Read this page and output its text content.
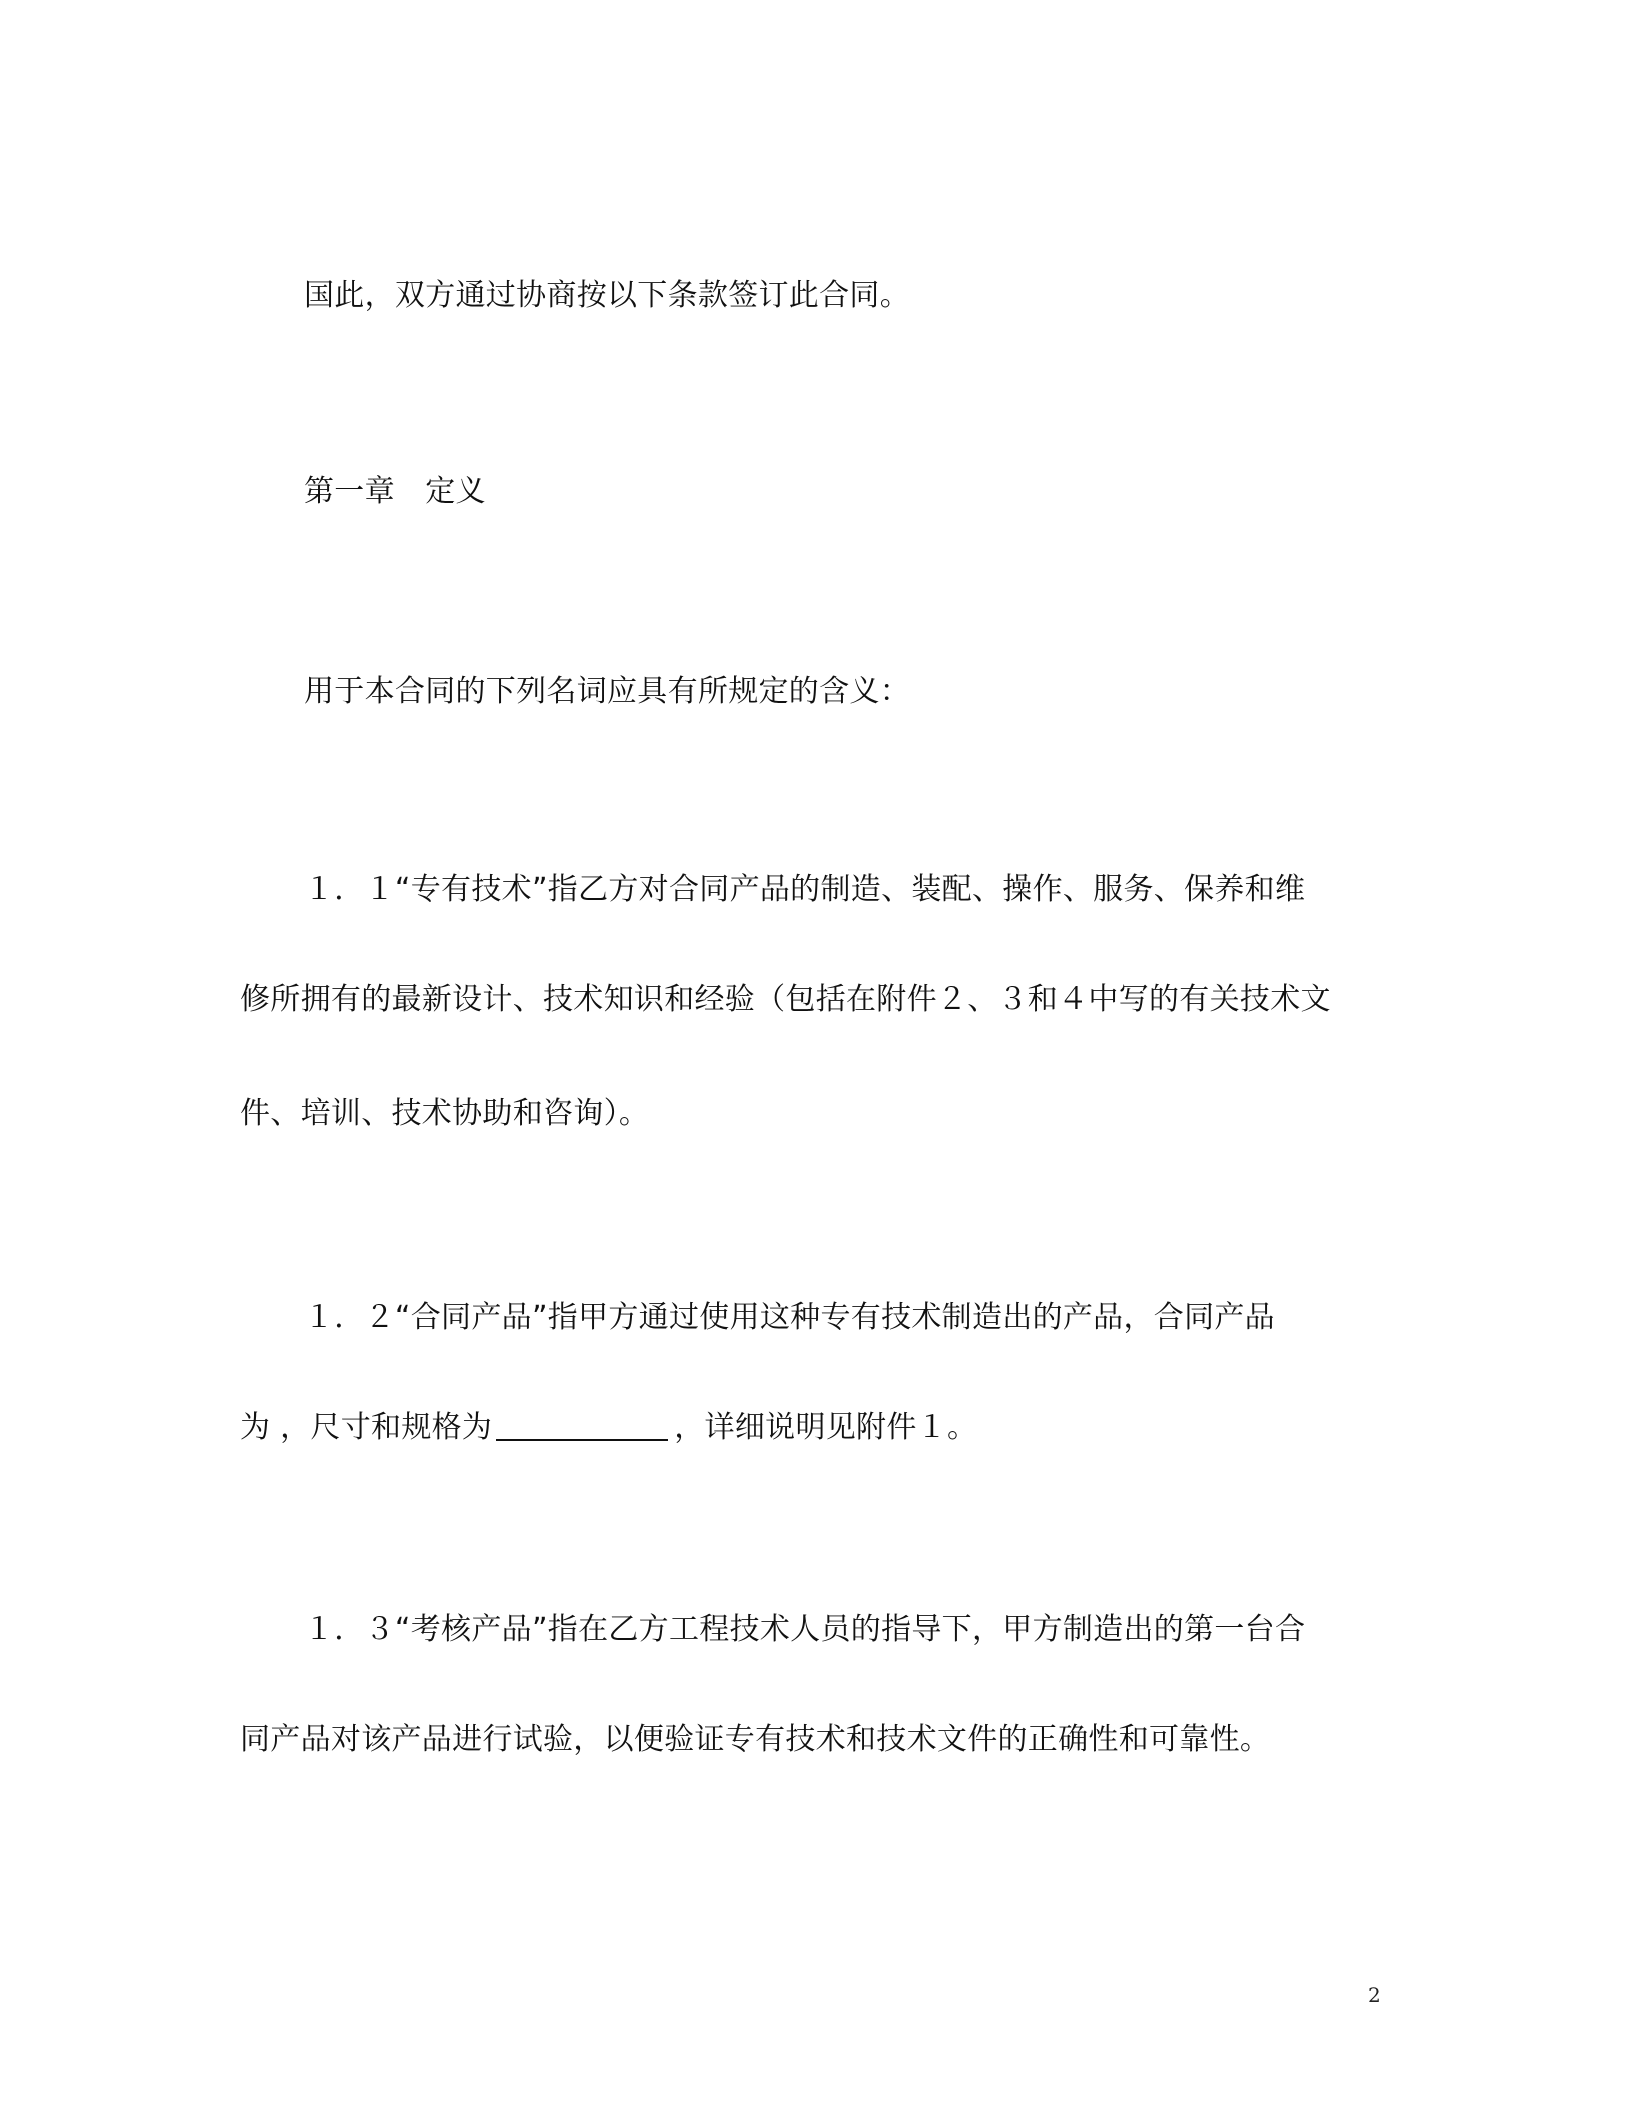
国此，双方通过协商按以下条款签订此合同。
第一章　定义
用于本合同的下列名词应具有所规定的含义：
１．１“专有技术”指乙方对合同产品的制造、装配、操作、服务、保养和维
修所拥有的最新设计、技术知识和经验（包括在附件２、３和４中写的有关技术文
件、培训、技术协助和咨询）。
１．２“合同产品”指甲方通过使用这种专有技术制造出的产品，合同产品
为 ，尺寸和规格为	，详细说明见附件１。
１．３“考核产品”指在乙方工程技术人员的指导下，甲方制造出的第一台合
同产品对该产品进行试验，以便验证专有技术和技术文件的正确性和可靠性。
2
